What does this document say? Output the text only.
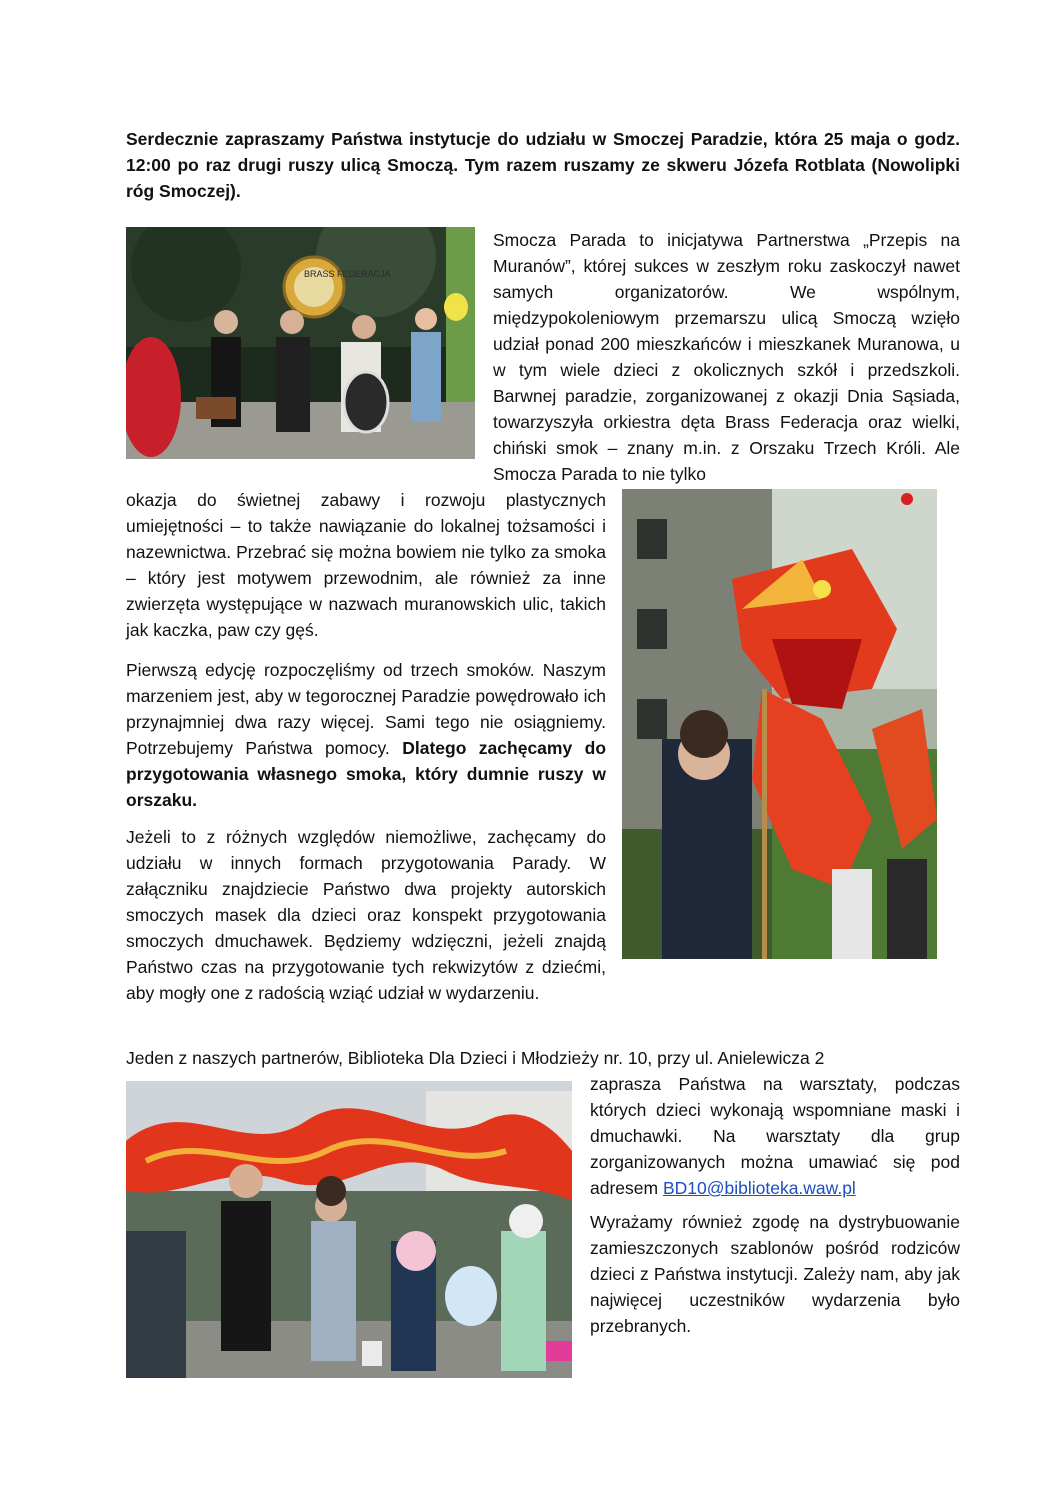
Serdecznie zapraszamy Państwa instytucje do udziału w Smoczej Paradzie, która 25 maja o godz. 12:00 po raz drugi ruszy ulicą Smoczą. Tym razem ruszamy ze skweru Józefa Rotblata (Nowolipki róg Smoczej).

BRASS FEDERACJA

Smocza Parada to inicjatywa Partnerstwa „Przepis na Muranów”, której sukces w zeszłym roku zaskoczył nawet samych organizatorów. We wspólnym, międzypokoleniowym przemarszu ulicą Smoczą wzięło udział ponad 200 mieszkańców i mieszkanek Muranowa, u w tym wiele dzieci z okolicznych szkół i przedszkoli. Barwnej paradzie, zorganizowanej z okazji Dnia Sąsiada, towarzyszyła orkiestra dęta Brass Federacja oraz wielki, chiński smok – znany m.in. z Orszaku Trzech Króli. Ale Smocza Parada to nie tylko

okazja do świetnej zabawy i rozwoju plastycznych umiejętności – to także nawiązanie do lokalnej tożsamości i nazewnictwa. Przebrać się można bowiem nie tylko za smoka – który jest motywem przewodnim, ale również za inne zwierzęta występujące w nazwach muranowskich ulic, takich jak kaczka, paw czy gęś.

Pierwszą edycję rozpoczęliśmy od trzech smoków. Naszym marzeniem jest, aby w tegorocznej Paradzie powędrowało ich przynajmniej dwa razy więcej. Sami tego nie osiągniemy. Potrzebujemy Państwa pomocy. Dlatego zachęcamy do przygotowania własnego smoka, który dumnie ruszy w orszaku.

Jeżeli to z różnych względów niemożliwe, zachęcamy do udziału w innych formach przygotowania Parady. W załączniku znajdziecie Państwo dwa projekty autorskich smoczych masek dla dzieci oraz konspekt przygotowania smoczych dmuchawek. Będziemy wdzięczni, jeżeli znajdą Państwo czas na przygotowanie tych rekwizytów z dziećmi, aby mogły one z radością wziąć udział w wydarzeniu.

Jeden z naszych partnerów, Biblioteka Dla Dzieci i Młodzieży nr. 10, przy ul. Anielewicza 2

zaprasza Państwa na warsztaty, podczas których dzieci wykonają wspomniane maski i dmuchawki. Na warsztaty dla grup zorganizowanych można umawiać się pod adresem BD10@biblioteka.waw.pl

Wyrażamy również zgodę na dystrybuowanie zamieszczonych szablonów pośród rodziców dzieci z Państwa instytucji. Zależy nam, aby jak najwięcej uczestników wydarzenia było przebranych.
